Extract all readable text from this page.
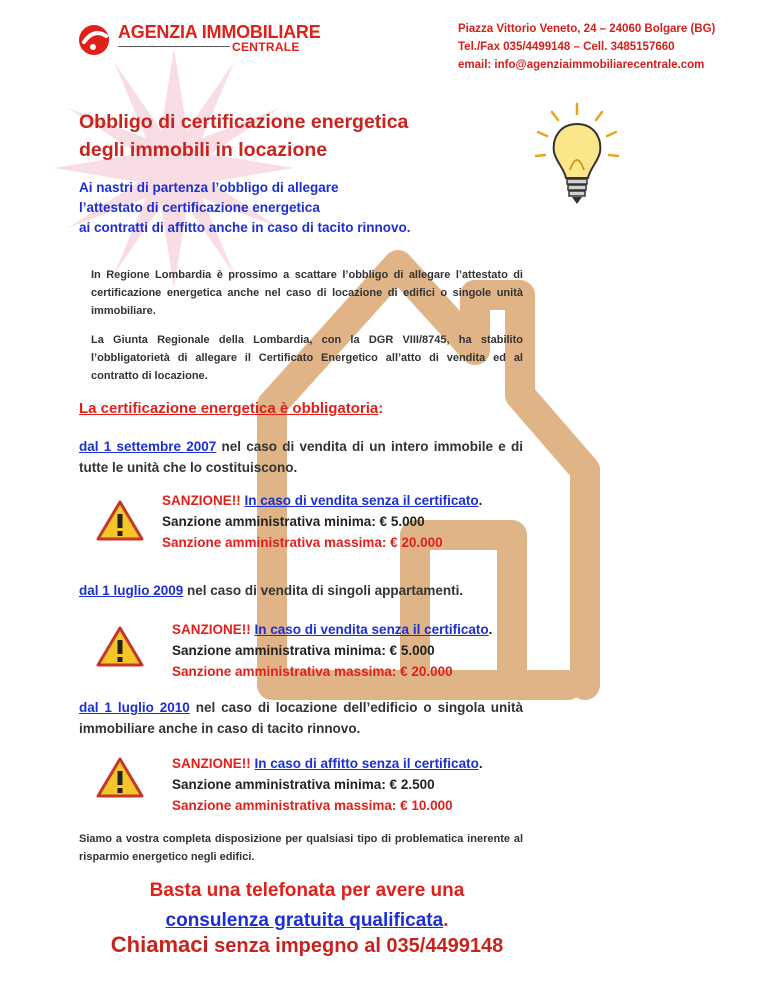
AGENZIA IMMOBILIARE
CENTRALE
Piazza Vittorio Veneto, 24 – 24060 Bolgare (BG)
Tel./Fax 035/4499148 – Cell. 3485157660
email: info@agenziaimmobiliarecentrale.com
Obbligo di certificazione energetica
degli immobili in locazione
Ai nastri di partenza l’obbligo di allegare
l’attestato di certificazione energetica
ai contratti di affitto anche in caso di tacito rinnovo.
In Regione Lombardia è prossimo a scattare l’obbligo di allegare l’attestato di certificazione energetica anche nel caso di locazione di edifici o singole unità immobiliare.
La Giunta Regionale della Lombardia, con la DGR VIII/8745, ha stabilito l’obbligatorietà di allegare il Certificato Energetico all’atto di vendita ed al contratto di locazione.
La certificazione energetica è obbligatoria:
dal 1 settembre 2007 nel caso di vendita di un intero immobile e di tutte le unità che lo costituiscono.
SANZIONE!! In caso di vendita senza il certificato.
Sanzione amministrativa minima: € 5.000
Sanzione amministrativa massima: € 20.000
dal 1 luglio 2009 nel caso di vendita di singoli appartamenti.
SANZIONE!! In caso di vendita senza il certificato.
Sanzione amministrativa minima: € 5.000
Sanzione amministrativa massima: € 20.000
dal 1 luglio 2010 nel caso di locazione dell’edificio o singola unità immobiliare anche in caso di tacito rinnovo.
SANZIONE!! In caso di affitto senza il certificato.
Sanzione amministrativa minima: € 2.500
Sanzione amministrativa massima: € 10.000
Siamo a vostra completa disposizione per qualsiasi tipo di problematica inerente al risparmio energetico negli edifici.
Basta una telefonata per avere una
consulenza gratuita qualificata.
Chiamaci senza impegno al 035/4499148
